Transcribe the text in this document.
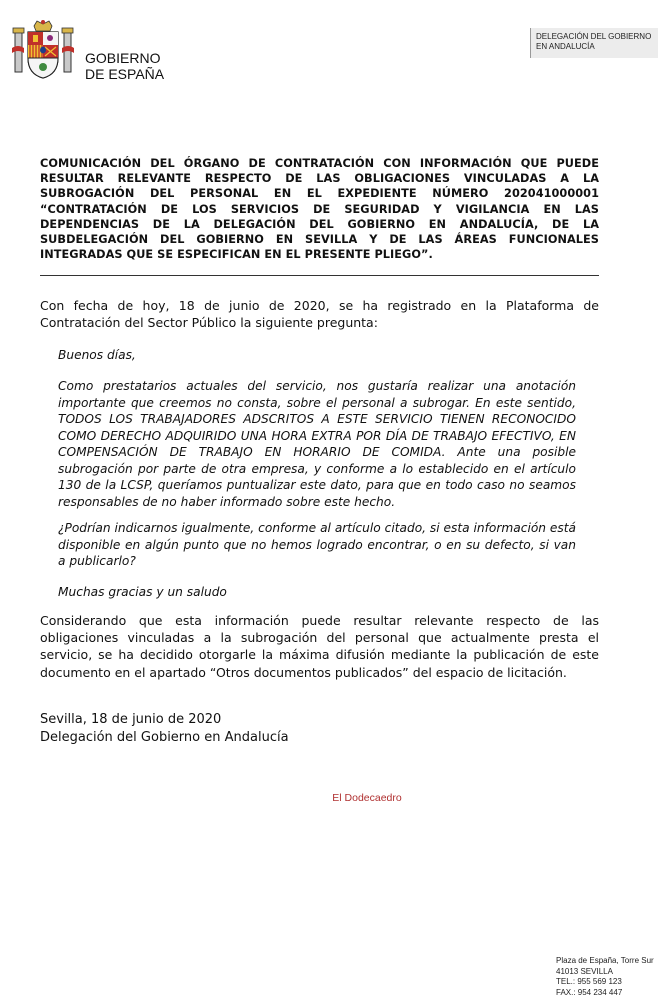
GOBIERNO
DE ESPAÑA
DELEGACIÓN DEL GOBIERNO
EN ANDALUCÍA
COMUNICACIÓN DEL ÓRGANO DE CONTRATACIÓN CON INFORMACIÓN QUE PUEDE RESULTAR RELEVANTE RESPECTO DE LAS OBLIGACIONES VINCULADAS A LA SUBROGACIÓN DEL PERSONAL EN EL EXPEDIENTE NÚMERO 202041000001 “CONTRATACIÓN DE LOS SERVICIOS DE SEGURIDAD Y VIGILANCIA EN LAS DEPENDENCIAS DE LA DELEGACIÓN DEL GOBIERNO EN ANDALUCÍA, DE LA SUBDELEGACIÓN DEL GOBIERNO EN SEVILLA Y DE LAS ÁREAS FUNCIONALES INTEGRADAS QUE SE ESPECIFICAN EN EL PRESENTE PLIEGO”.
Con fecha de hoy, 18 de junio de 2020, se ha registrado en la Plataforma de Contratación del Sector Público la siguiente pregunta:
Buenos días,
Como prestatarios actuales del servicio, nos gustaría realizar una anotación importante que creemos no consta, sobre el personal a subrogar. En este sentido, TODOS LOS TRABAJADORES ADSCRITOS A ESTE SERVICIO TIENEN RECONOCIDO COMO DERECHO ADQUIRIDO UNA HORA EXTRA POR DÍA DE TRABAJO EFECTIVO, EN COMPENSACIÓN DE TRABAJO EN HORARIO DE COMIDA. Ante una posible subrogación por parte de otra empresa, y conforme a lo establecido en el artículo 130 de la LCSP, queríamos puntualizar este dato, para que en todo caso no seamos responsables de no haber informado sobre este hecho.
¿Podrían indicarnos igualmente, conforme al artículo citado, si esta información está disponible en algún punto que no hemos logrado encontrar, o en su defecto, si van a publicarlo?
Muchas gracias y un saludo
Considerando que esta información puede resultar relevante respecto de las obligaciones vinculadas a la subrogación del personal que actualmente presta el servicio, se ha decidido otorgarle la máxima difusión mediante la publicación de este documento en el apartado “Otros documentos publicados” del espacio de licitación.
Sevilla, 18 de junio de 2020
Delegación del Gobierno en Andalucía
El Dodecaedro
Plaza de España, Torre Sur
41013 SEVILLA
TEL.: 955 569 123
FAX.: 954 234 447
